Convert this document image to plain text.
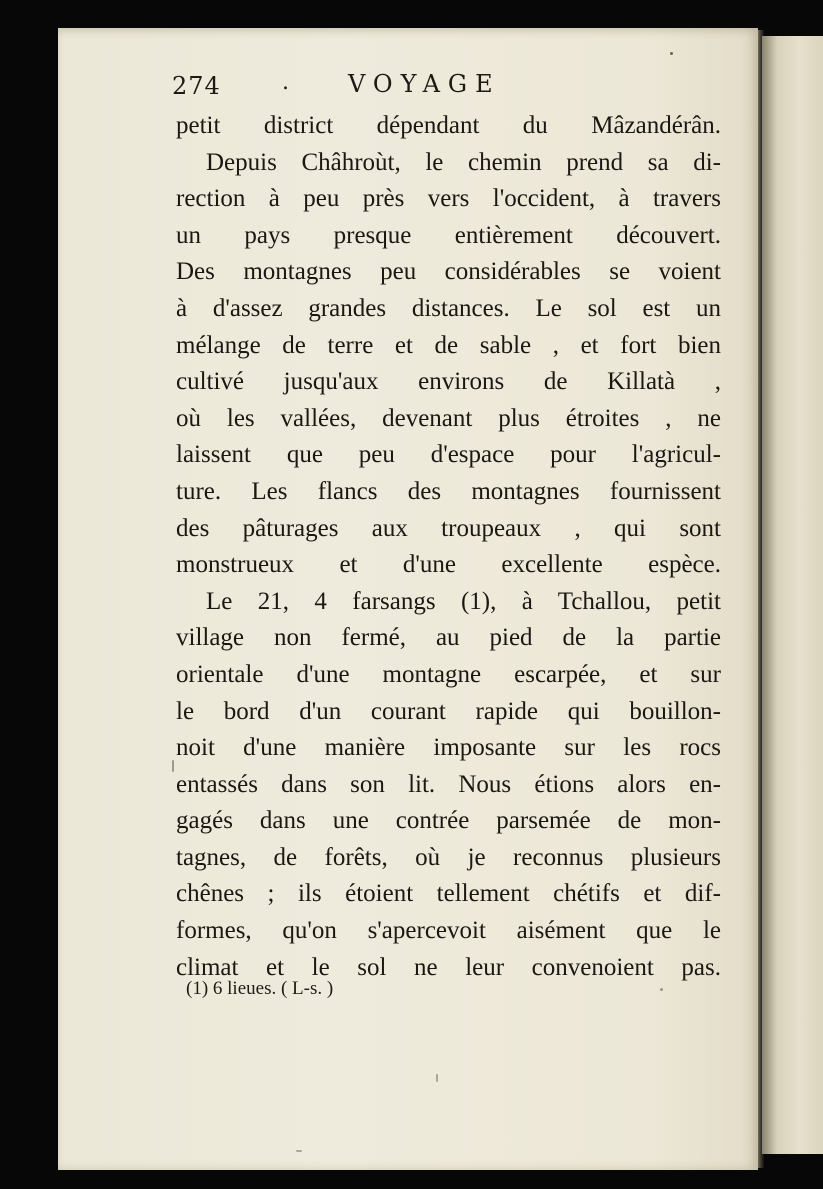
274	. VOYAGE
petit district dépendant du Mâzandérân.
Depuis Châhroùt, le chemin prend sa di-
rection à peu près vers l'occident, à travers
un pays presque entièrement découvert.
Des montagnes peu considérables se voient
à d'assez grandes distances. Le sol est un
mélange de terre et de sable , et fort bien
cultivé jusqu'aux environs de Killatà ,
où les vallées, devenant plus étroites , ne
laissent que peu d'espace pour l'agricul-
ture. Les flancs des montagnes fournissent
des pâturages aux troupeaux , qui sont
monstrueux et d'une excellente espèce.
Le 21, 4 farsangs (1), à Tchallou, petit
village non fermé, au pied de la partie
orientale d'une montagne escarpée, et sur
le bord d'un courant rapide qui bouillon-
noit d'une manière imposante sur les rocs
entassés dans son lit. Nous étions alors en-
gagés dans une contrée parsemée de mon-
tagnes, de forêts, où je reconnus plusieurs
chênes ; ils étoient tellement chétifs et dif-
formes, qu'on s'apercevoit aisément que le
climat et le sol ne leur convenoient pas.
(1) 6 lieues. ( L-s. )
